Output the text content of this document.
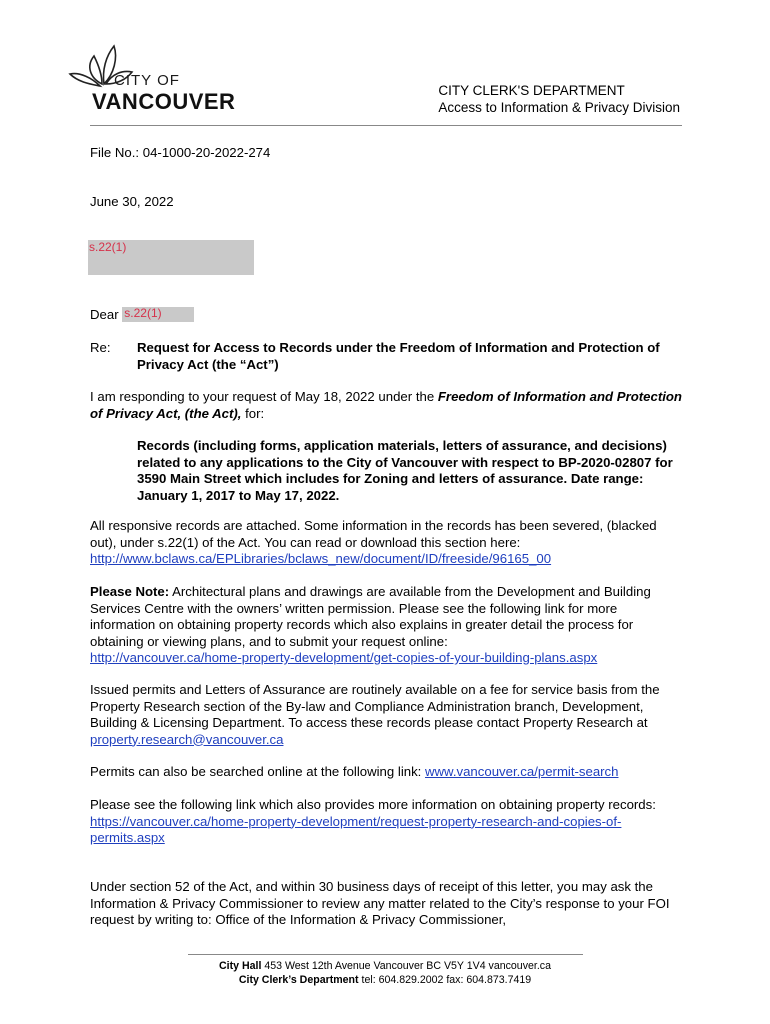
CITY OF
VANCOUVER	CITY CLERK'S DEPARTMENT
Access to Information & Privacy Division
File No.: 04-1000-20-2022-274
June 30, 2022
s.22(1)
Dear s.22(1)
Re: Request for Access to Records under the Freedom of Information and Protection of Privacy Act (the “Act”)
I am responding to your request of May 18, 2022 under the Freedom of Information and Protection of Privacy Act, (the Act), for:
Records (including forms, application materials, letters of assurance, and decisions) related to any applications to the City of Vancouver with respect to BP-2020-02807 for 3590 Main Street which includes for Zoning and letters of assurance. Date range: January 1, 2017 to May 17, 2022.
All responsive records are attached. Some information in the records has been severed, (blacked out), under s.22(1) of the Act. You can read or download this section here:
http://www.bclaws.ca/EPLibraries/bclaws_new/document/ID/freeside/96165_00
Please Note: Architectural plans and drawings are available from the Development and Building Services Centre with the owners’ written permission. Please see the following link for more information on obtaining property records which also explains in greater detail the process for obtaining or viewing plans, and to submit your request online:
http://vancouver.ca/home-property-development/get-copies-of-your-building-plans.aspx
Issued permits and Letters of Assurance are routinely available on a fee for service basis from the Property Research section of the By-law and Compliance Administration branch, Development, Building & Licensing Department. To access these records please contact Property Research at property.research@vancouver.ca
Permits can also be searched online at the following link: www.vancouver.ca/permit-search
Please see the following link which also provides more information on obtaining property records:
https://vancouver.ca/home-property-development/request-property-research-and-copies-of-permits.aspx
Under section 52 of the Act, and within 30 business days of receipt of this letter, you may ask the Information & Privacy Commissioner to review any matter related to the City’s response to your FOI request by writing to: Office of the Information & Privacy Commissioner,
City Hall 453 West 12th Avenue Vancouver BC V5Y 1V4 vancouver.ca
City Clerk’s Department tel: 604.829.2002 fax: 604.873.7419
